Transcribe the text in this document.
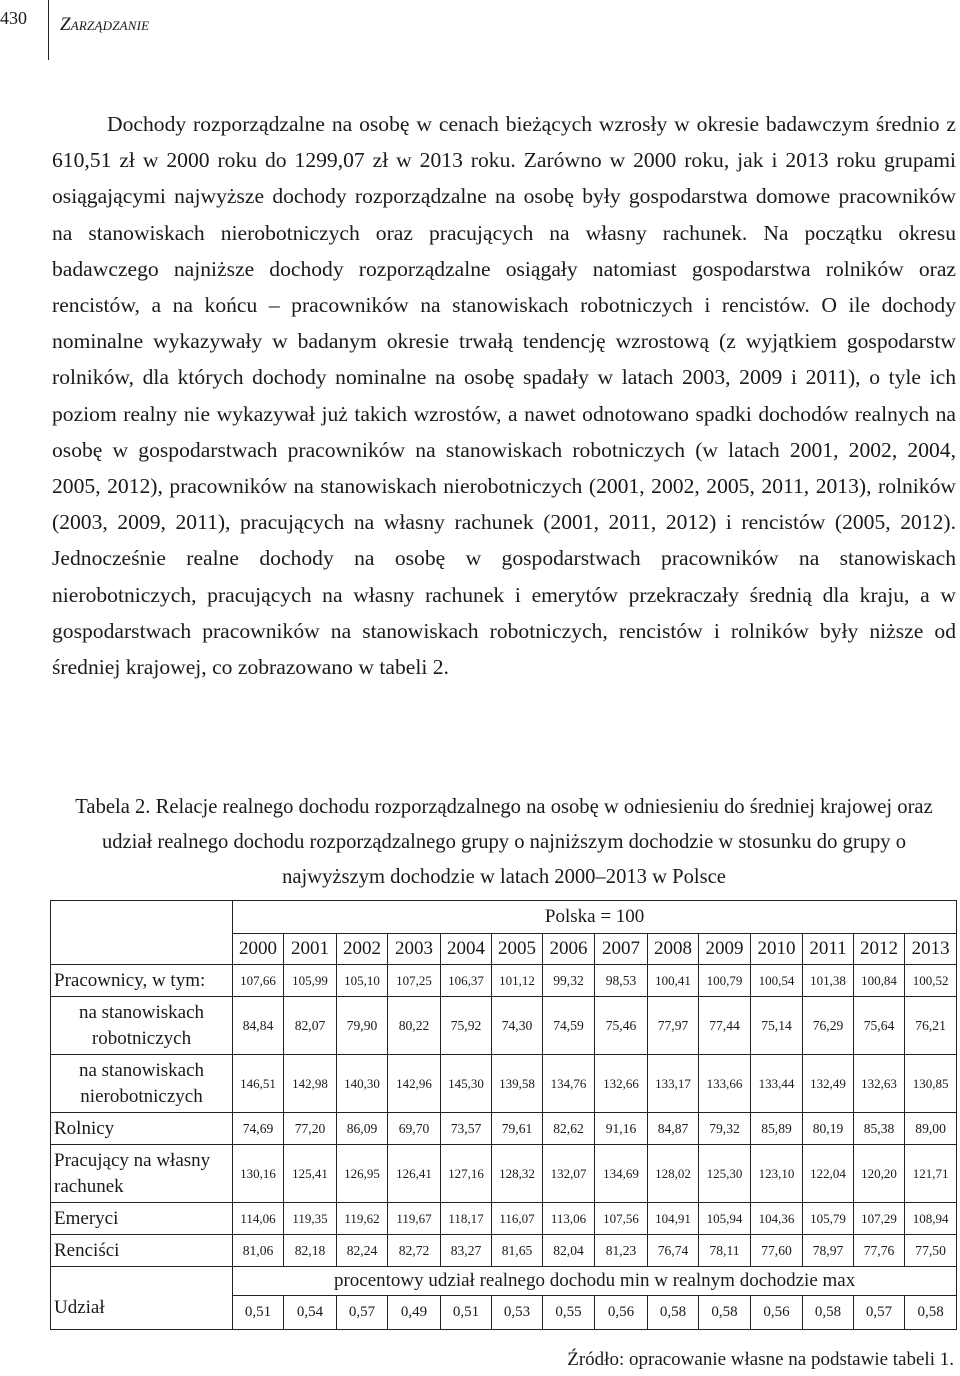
430 Zarządzanie

Dochody rozporządzalne na osobę w cenach bieżących wzrosły w okresie badawczym średnio z 610,51 zł w 2000 roku do 1299,07 zł w 2013 roku. Zarówno w 2000 roku, jak i 2013 roku grupami osiągającymi najwyższe dochody rozporządzalne na osobę były gospodarstwa domowe pracowników na stanowiskach nierobotniczych oraz pracujących na własny rachunek. Na początku okresu badawczego najniższe dochody rozporządzalne osiągały natomiast gospodarstwa rolników oraz rencistów, a na końcu – pracowników na stanowiskach robotniczych i rencistów. O ile dochody nominalne wykazywały w badanym okresie trwałą tendencję wzrostową (z wyjątkiem gospodarstw rolników, dla których dochody nominalne na osobę spadały w latach 2003, 2009 i 2011), o tyle ich poziom realny nie wykazywał już takich wzrostów, a nawet odnotowano spadki dochodów realnych na osobę w gospodarstwach pracowników na stanowiskach robotniczych (w latach 2001, 2002, 2004, 2005, 2012), pracowników na stanowiskach nierobotniczych (2001, 2002, 2005, 2011, 2013), rolników (2003, 2009, 2011), pracujących na własny rachunek (2001, 2011, 2012) i rencistów (2005, 2012). Jednocześnie realne dochody na osobę w gospodarstwach pracowników na stanowiskach nierobotniczych, pracujących na własny rachunek i emerytów przekraczały średnią dla kraju, a w gospodarstwach pracowników na stanowiskach robotniczych, rencistów i rolników były niższe od średniej krajowej, co zobrazowano w tabeli 2.

Tabela 2. Relacje realnego dochodu rozporządzalnego na osobę w odniesieniu do średniej krajowej oraz udział realnego dochodu rozporządzalnego grupy o najniższym dochodzie w stosunku do grupy o najwyższym dochodzie w latach 2000–2013 w Polsce

	Polska = 100													
	2000	2001	2002	2003	2004	2005	2006	2007	2008	2009	2010	2011	2012	2013
Pracownicy, w tym:	107,66	105,99	105,10	107,25	106,37	101,12	99,32	98,53	100,41	100,79	100,54	101,38	100,84	100,52
na stanowiskach robotniczych	84,84	82,07	79,90	80,22	75,92	74,30	74,59	75,46	77,97	77,44	75,14	76,29	75,64	76,21
na stanowiskach nierobotniczych	146,51	142,98	140,30	142,96	145,30	139,58	134,76	132,66	133,17	133,66	133,44	132,49	132,63	130,85
Rolnicy	74,69	77,20	86,09	69,70	73,57	79,61	82,62	91,16	84,87	79,32	85,89	80,19	85,38	89,00
Pracujący na własny rachunek	130,16	125,41	126,95	126,41	127,16	128,32	132,07	134,69	128,02	125,30	123,10	122,04	120,20	121,71
Emeryci	114,06	119,35	119,62	119,67	118,17	116,07	113,06	107,56	104,91	105,94	104,36	105,79	107,29	108,94
Renciści	81,06	82,18	82,24	82,72	83,27	81,65	82,04	81,23	76,74	78,11	77,60	78,97	77,76	77,50
Udział	procentowy udział realnego dochodu min w realnym dochodzie max													
	0,51	0,54	0,57	0,49	0,51	0,53	0,55	0,56	0,58	0,58	0,56	0,58	0,57	0,58
Źródło: opracowanie własne na podstawie tabeli 1.
